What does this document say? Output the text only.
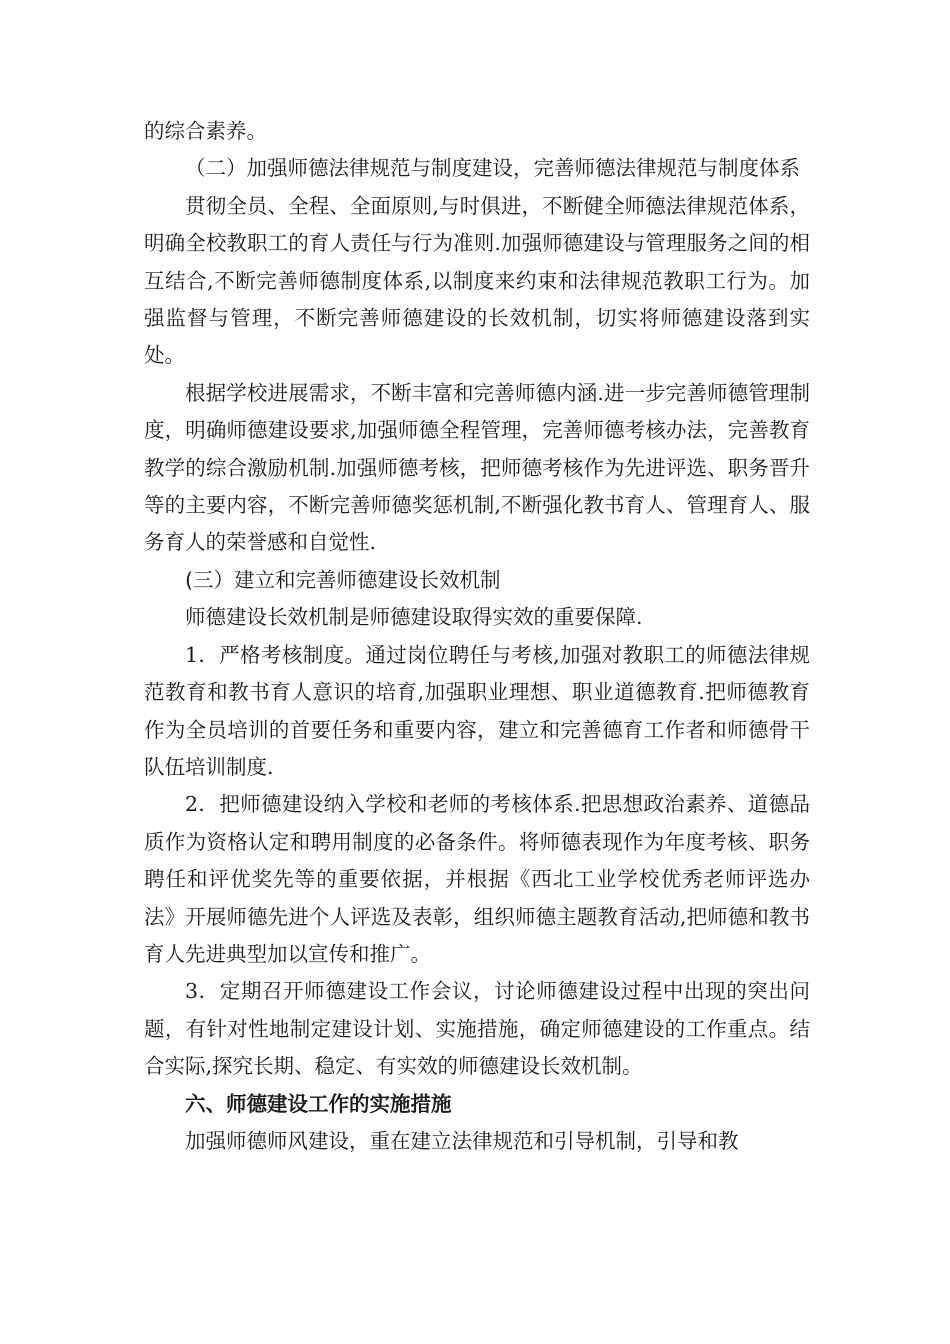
的综合素养。

（二）加强师德法律规范与制度建设，完善师德法律规范与制度体系

贯彻全员、全程、全面原则,与时俱进，不断健全师德法律规范体系，明确全校教职工的育人责任与行为准则.加强师德建设与管理服务之间的相互结合,不断完善师德制度体系,以制度来约束和法律规范教职工行为。加强监督与管理，不断完善师德建设的长效机制，切实将师德建设落到实处。

根据学校进展需求，不断丰富和完善师德内涵.进一步完善师德管理制度，明确师德建设要求,加强师德全程管理，完善师德考核办法，完善教育教学的综合激励机制.加强师德考核，把师德考核作为先进评选、职务晋升等的主要内容，不断完善师德奖惩机制,不断强化教书育人、管理育人、服务育人的荣誉感和自觉性.

(三）建立和完善师德建设长效机制

师德建设长效机制是师德建设取得实效的重要保障.

1．严格考核制度。通过岗位聘任与考核,加强对教职工的师德法律规范教育和教书育人意识的培育,加强职业理想、职业道德教育.把师德教育作为全员培训的首要任务和重要内容，建立和完善德育工作者和师德骨干队伍培训制度.

2．把师德建设纳入学校和老师的考核体系.把思想政治素养、道德品质作为资格认定和聘用制度的必备条件。将师德表现作为年度考核、职务聘任和评优奖先等的重要依据，并根据《西北工业学校优秀老师评选办法》开展师德先进个人评选及表彰，组织师德主题教育活动,把师德和教书育人先进典型加以宣传和推广。

3．定期召开师德建设工作会议，讨论师德建设过程中出现的突出问题，有针对性地制定建设计划、实施措施，确定师德建设的工作重点。结合实际,探究长期、稳定、有实效的师德建设长效机制。

六、师德建设工作的实施措施

加强师德师风建设，重在建立法律规范和引导机制，引导和教
